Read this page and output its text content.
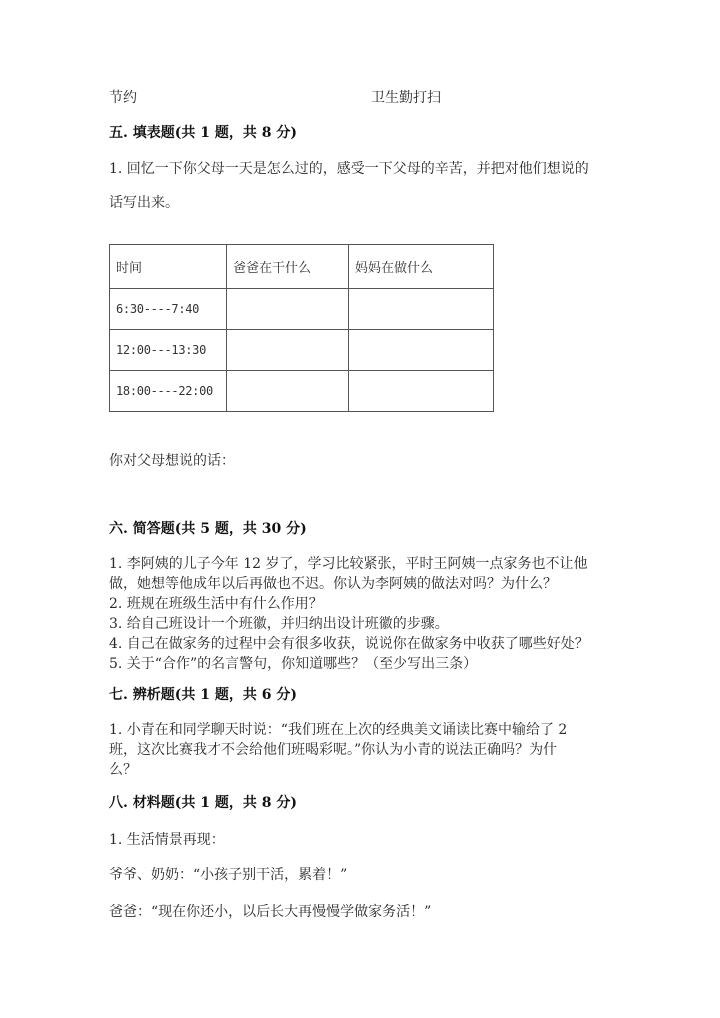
节约	卫生勤打扫
五. 填表题(共 1 题，共 8 分)
1. 回忆一下你父母一天是怎么过的，感受一下父母的辛苦，并把对他们想说的
话写出来。
时间	爸爸在干什么	妈妈在做什么
6:30----7:40		
12:00---13:30		
18:00----22:00		
你对父母想说的话：
六. 简答题(共 5 题，共 30 分)
1. 李阿姨的儿子今年 12 岁了，学习比较紧张，平时王阿姨一点家务也不让他
做，她想等他成年以后再做也不迟。你认为李阿姨的做法对吗？为什么？
2. 班规在班级生活中有什么作用？
3. 给自己班设计一个班徽，并归纳出设计班徽的步骤。
4. 自己在做家务的过程中会有很多收获，说说你在做家务中收获了哪些好处？
5. 关于“合作”的名言警句，你知道哪些？（至少写出三条）
七. 辨析题(共 1 题，共 6 分)
1. 小青在和同学聊天时说：“我们班在上次的经典美文诵读比赛中输给了 2
班，这次比赛我才不会给他们班喝彩呢。”你认为小青的说法正确吗？为什
么？
八. 材料题(共 1 题，共 8 分)
1. 生活情景再现：
爷爷、奶奶：“小孩子别干活，累着！”
爸爸：“现在你还小，以后长大再慢慢学做家务活！”
